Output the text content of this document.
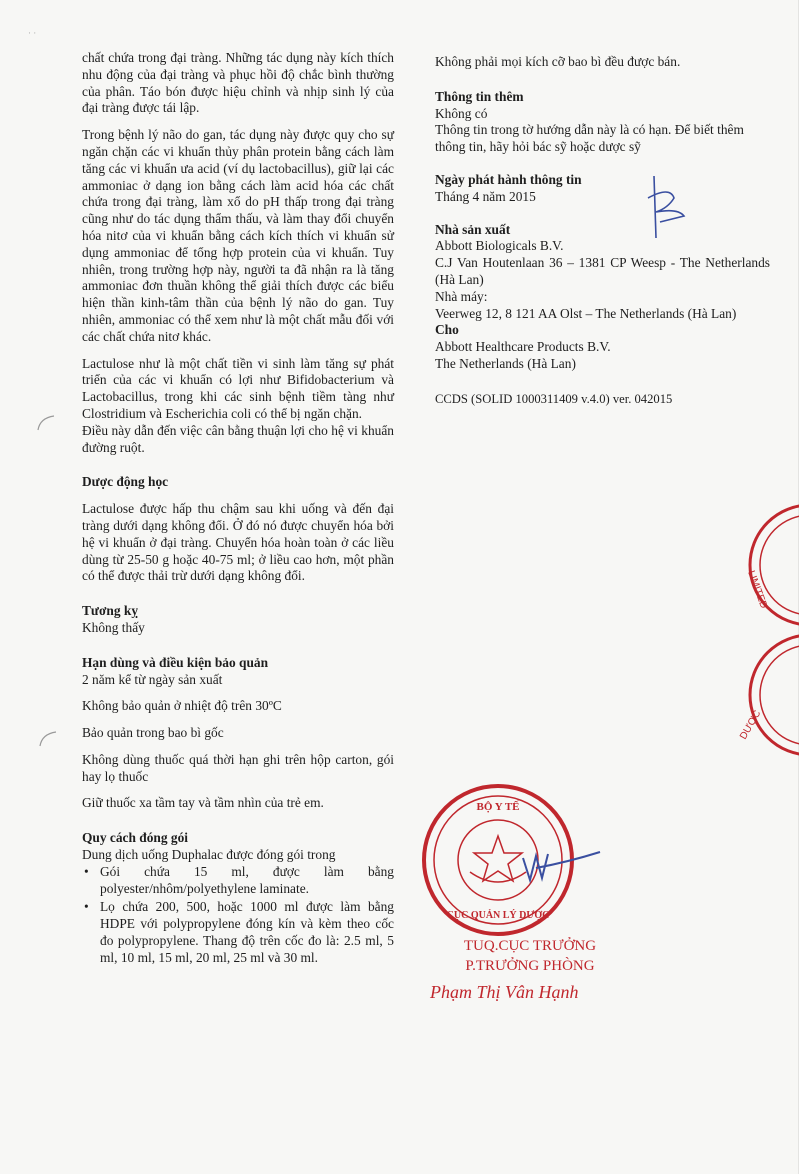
· ·

chất chứa trong đại tràng. Những tác dụng này kích thích nhu động của đại tràng và phục hồi độ chắc bình thường của phân. Táo bón được hiệu chỉnh và nhịp sinh lý của đại tràng được tái lập.

Trong bệnh lý não do gan, tác dụng này được quy cho sự ngăn chặn các vi khuẩn thủy phân protein bằng cách làm tăng các vi khuẩn ưa acid (ví dụ lactobacillus), giữ lại các ammoniac ở dạng ion bằng cách làm acid hóa các chất chứa trong đại tràng, làm xổ do pH thấp trong đại tràng cũng như do tác dụng thẩm thấu, và làm thay đổi chuyển hóa nitơ của vi khuẩn bằng cách kích thích vi khuẩn sử dụng ammoniac để tổng hợp protein của vi khuẩn. Tuy nhiên, trong trường hợp này, người ta đã nhận ra là tăng ammoniac đơn thuần không thể giải thích được các biểu hiện thần kinh-tâm thần của bệnh lý não do gan. Tuy nhiên, ammoniac có thể xem như là một chất mẫu đối với các chất chứa nitơ khác.

Lactulose như là một chất tiền vi sinh làm tăng sự phát triển của các vi khuẩn có lợi như Bifidobacterium và Lactobacillus, trong khi các sinh bệnh tiềm tàng như Clostridium và Escherichia coli có thể bị ngăn chặn.
Điều này dẫn đến việc cân bằng thuận lợi cho hệ vi khuẩn đường ruột.

Dược động học

Lactulose được hấp thu chậm sau khi uống và đến đại tràng dưới dạng không đổi. Ở đó nó được chuyển hóa bởi hệ vi khuẩn ở đại tràng. Chuyển hóa hoàn toàn ở các liều dùng từ 25-50 g hoặc 40-75 ml; ở liều cao hơn, một phần có thể được thải trừ dưới dạng không đổi.

Tương kỵ

Không thấy

Hạn dùng và điều kiện bảo quản

2 năm kể từ ngày sản xuất

Không bảo quản ở nhiệt độ trên 30ºC

Bảo quản trong bao bì gốc

Không dùng thuốc quá thời hạn ghi trên hộp carton, gói hay lọ thuốc

Giữ thuốc xa tầm tay và tầm nhìn của trẻ em.

Quy cách đóng gói

Dung dịch uống Duphalac được đóng gói trong

• Gói chứa 15 ml, được làm bằng polyester/nhôm/polyethylene laminate.
• Lọ chứa 200, 500, hoặc 1000 ml được làm bằng HDPE với polypropylene đóng kín và kèm theo cốc đo polypropylene. Thang độ trên cốc đo là: 2.5 ml, 5 ml, 10 ml, 15 ml, 20 ml, 25 ml và 30 ml.

Không phải mọi kích cỡ bao bì đều được bán.

Thông tin thêm

Không có

Thông tin trong tờ hướng dẫn này là có hạn. Để biết thêm thông tin, hãy hỏi bác sỹ hoặc dược sỹ

Ngày phát hành thông tin

Tháng 4 năm 2015

Nhà sản xuất

Abbott Biologicals B.V.

C.J Van Houtenlaan 36 – 1381 CP Weesp - The Netherlands (Hà Lan)

Nhà máy:

Veerweg 12, 8 121 AA Olst – The Netherlands (Hà Lan)

Cho

Abbott Healthcare Products B.V.

The Netherlands (Hà Lan)

CCDS (SOLID 1000311409 v.4.0) ver. 042015

LIMITED
DƯỢC
BỘ Y TẾ
CỤC QUẢN LÝ DƯỢC
TUQ.CỤC TRƯỞNG
P.TRƯỞNG PHÒNG
Phạm Thị Vân Hạnh
